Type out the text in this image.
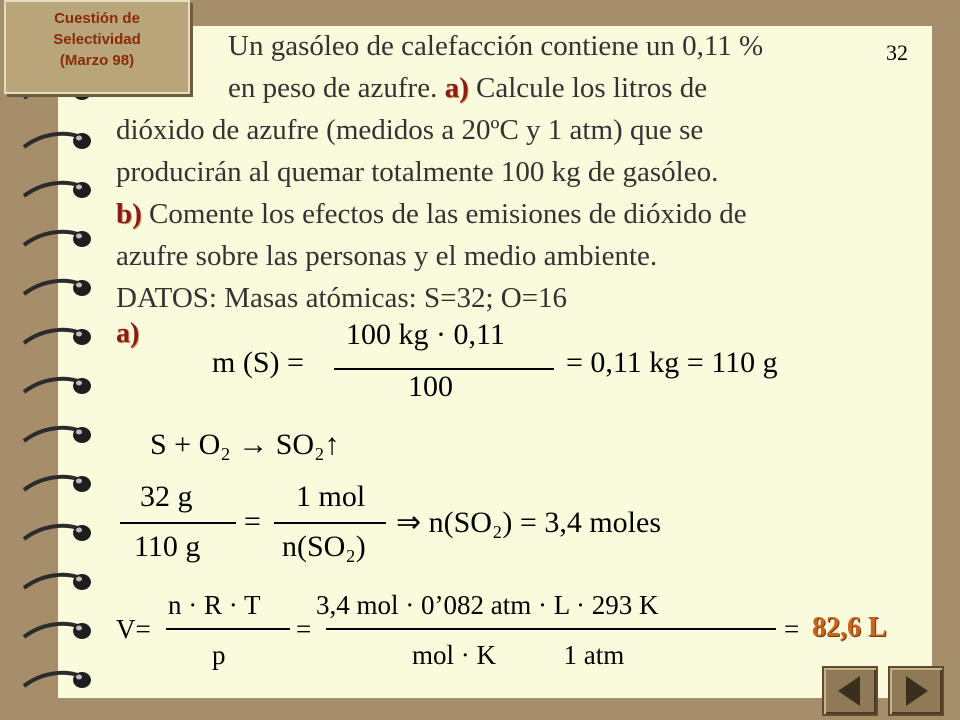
Cuestión de
Selectividad
(Marzo 98)	32
Un gasóleo de calefacción contiene un 0,11 %
en peso de azufre. a) Calcule los litros de
dióxido de azufre (medidos a 20ºC y 1 atm) que se
producirán al quemar totalmente 100 kg de gasóleo.
b) Comente los efectos de las emisiones de dióxido de
azufre sobre las personas y el medio ambiente.
DATOS: Masas atómicas: S=32; O=16
a)
m (S) =
100 kg · 0,11
100
= 0,11 kg = 110 g
S + O₂ → SO₂↑
32 g
110 g
=
1 mol
n(SO₂)
⇒ n(SO₂) = 3,4 moles
V=
n · R · T
p
=
3,4 mol · 0’082 atm · L · 293 K
mol · K          1 atm
= 82,6 L
